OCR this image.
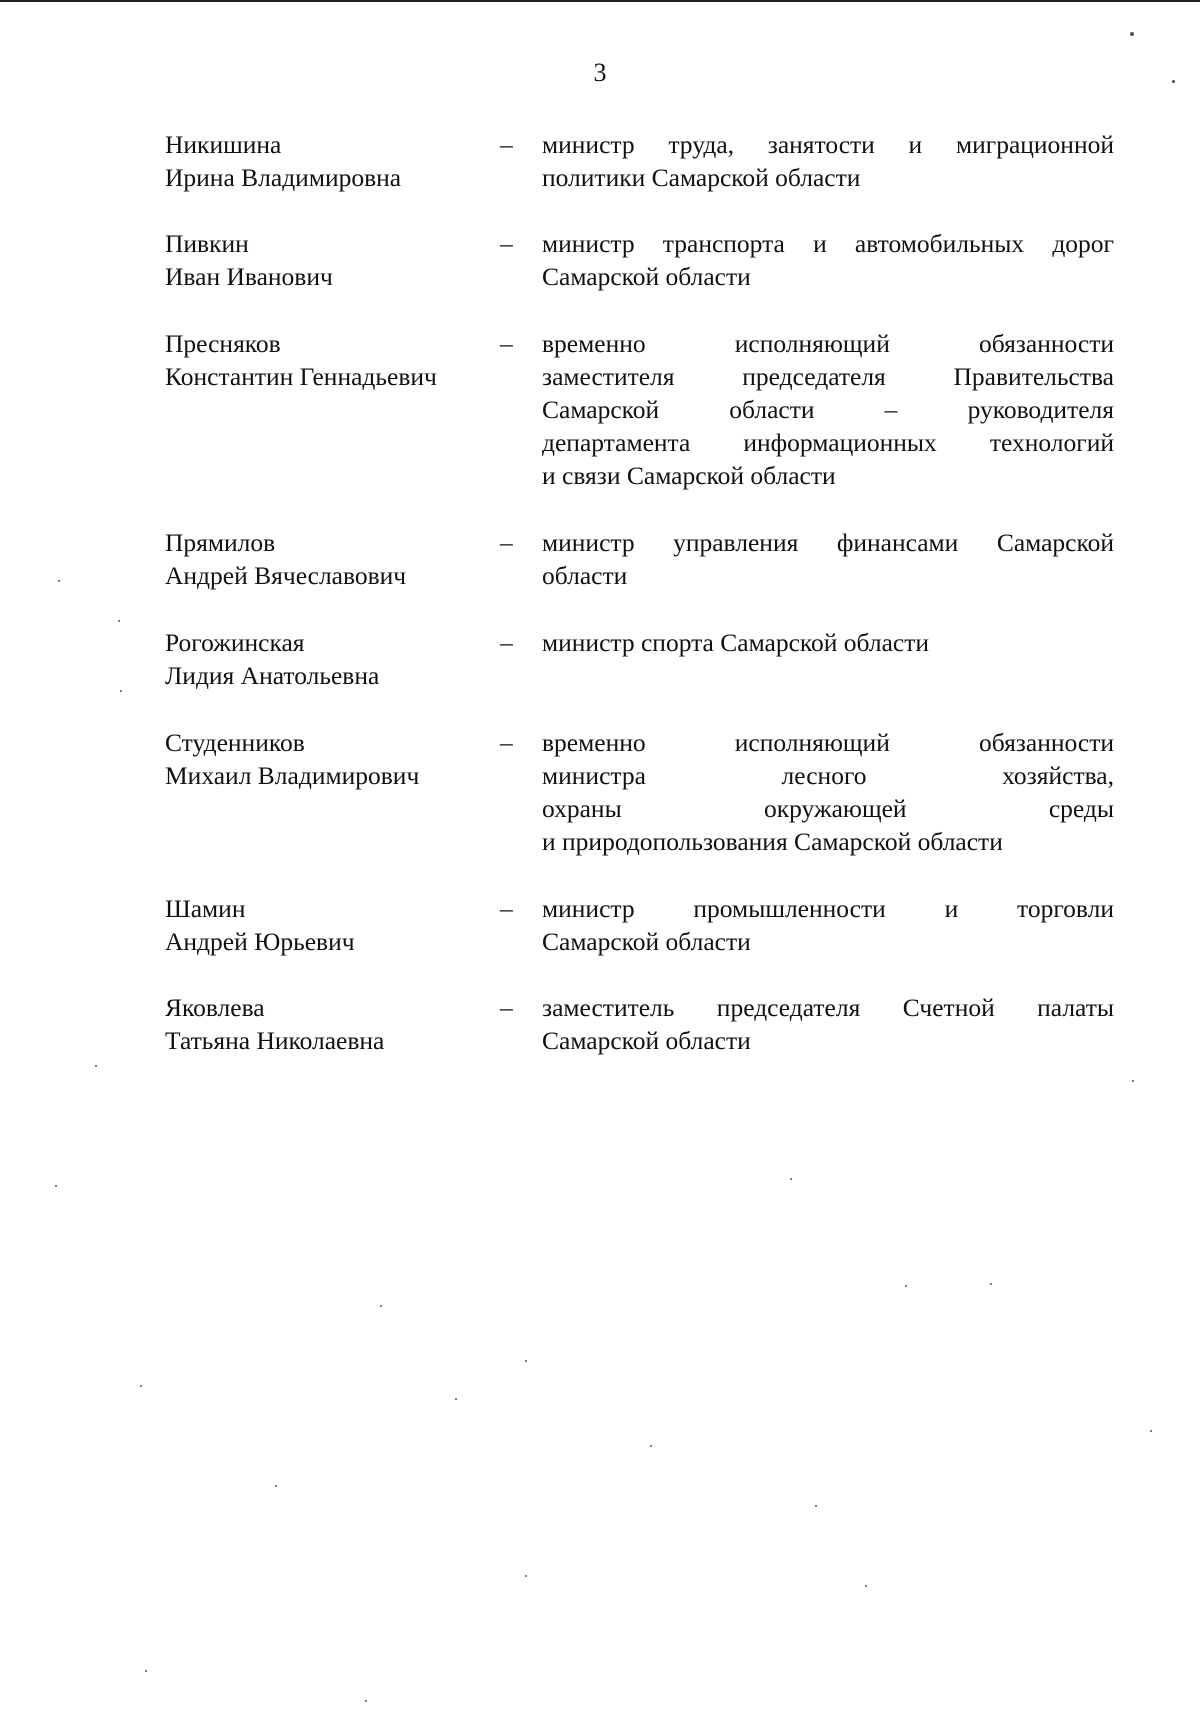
3
Никишина
Ирина Владимировна
– министр труда, занятости и миграционной
политики Самарской области
Пивкин
Иван Иванович
– министр транспорта и автомобильных дорог
Самарской области
Пресняков
Константин Геннадьевич
– временно исполняющий обязанности
заместителя председателя Правительства
Самарской области – руководителя
департамента информационных технологий
и связи Самарской области
Прямилов
Андрей Вячеславович
– министр управления финансами Самарской
области
Рогожинская
Лидия Анатольевна
– министр спорта Самарской области
Студенников
Михаил Владимирович
– временно исполняющий обязанности
министра лесного хозяйства,
охраны окружающей среды
и природопользования Самарской области
Шамин
Андрей Юрьевич
– министр промышленности и торговли
Самарской области
Яковлева
Татьяна Николаевна
– заместитель председателя Счетной палаты
Самарской области
